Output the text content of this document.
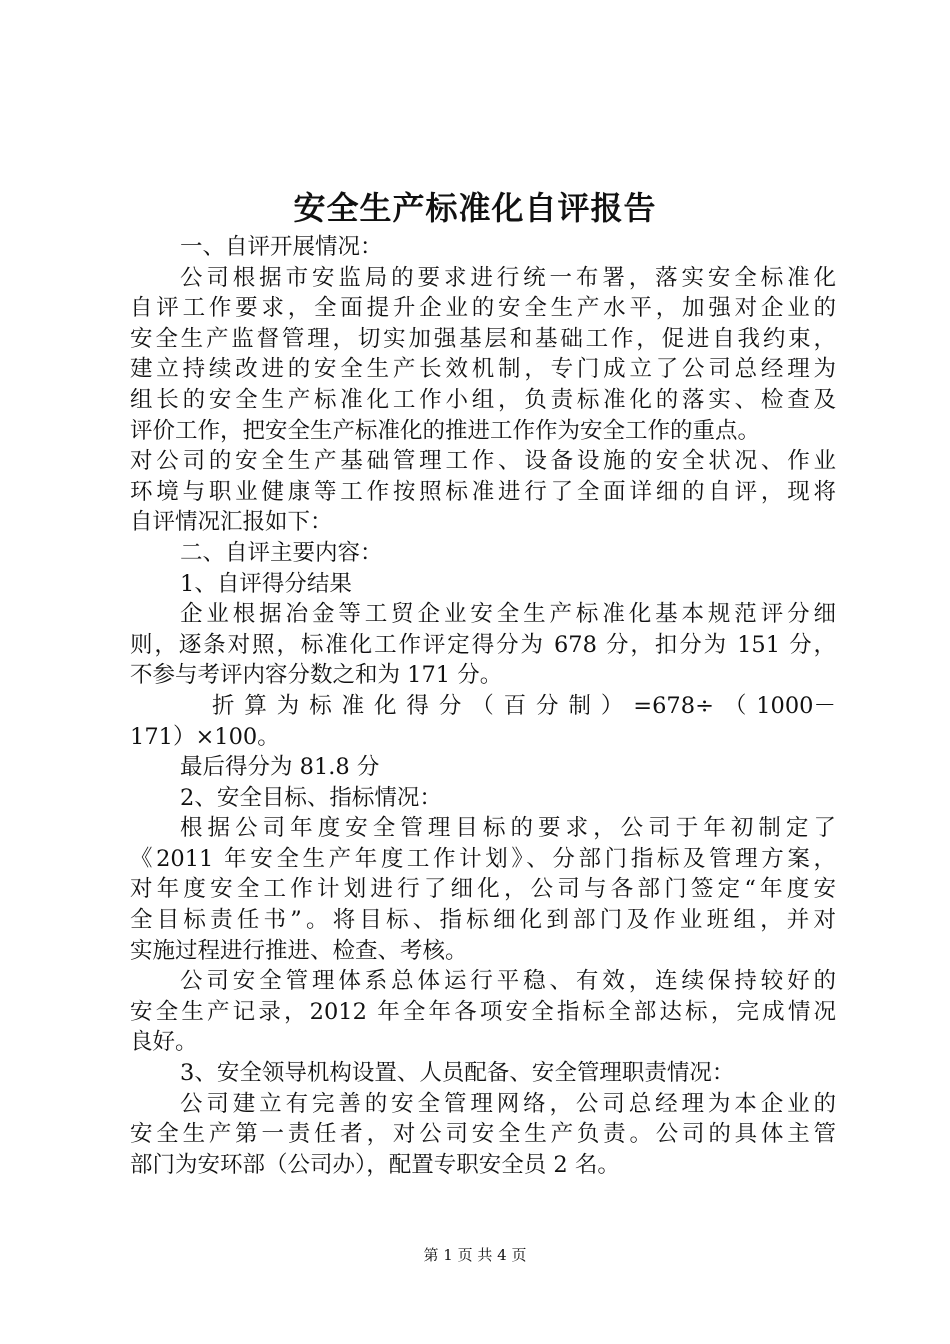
安全生产标准化自评报告
一、自评开展情况：
公司根据市安监局的要求进行统一布署，落实安全标准化
自评工作要求，全面提升企业的安全生产水平，加强对企业的
安全生产监督管理，切实加强基层和基础工作，促进自我约束，
建立持续改进的安全生产长效机制，专门成立了公司总经理为
组长的安全生产标准化工作小组，负责标准化的落实、检查及
评价工作，把安全生产标准化的推进工作作为安全工作的重点。
对公司的安全生产基础管理工作、设备设施的安全状况、作业
环境与职业健康等工作按照标准进行了全面详细的自评，现将
自评情况汇报如下：
二、自评主要内容：
1、自评得分结果
企业根据冶金等工贸企业安全生产标准化基本规范评分细
则，逐条对照，标准化工作评定得分为 678 分，扣分为 151 分，
不参与考评内容分数之和为 171 分。
折算为标准化得分（百分制）=678÷（1000－
171）×100。
最后得分为 81.8 分
2、安全目标、指标情况：
根据公司年度安全管理目标的要求，公司于年初制定了
《2011 年安全生产年度工作计划》、分部门指标及管理方案，
对年度安全工作计划进行了细化，公司与各部门签定“年度安
全目标责任书”。将目标、指标细化到部门及作业班组，并对
实施过程进行推进、检查、考核。
公司安全管理体系总体运行平稳、有效，连续保持较好的
安全生产记录，2012 年全年各项安全指标全部达标，完成情况
良好。
3、安全领导机构设置、人员配备、安全管理职责情况：
公司建立有完善的安全管理网络，公司总经理为本企业的
安全生产第一责任者，对公司安全生产负责。公司的具体主管
部门为安环部（公司办），配置专职安全员 2 名。
第 1 页 共 4 页
